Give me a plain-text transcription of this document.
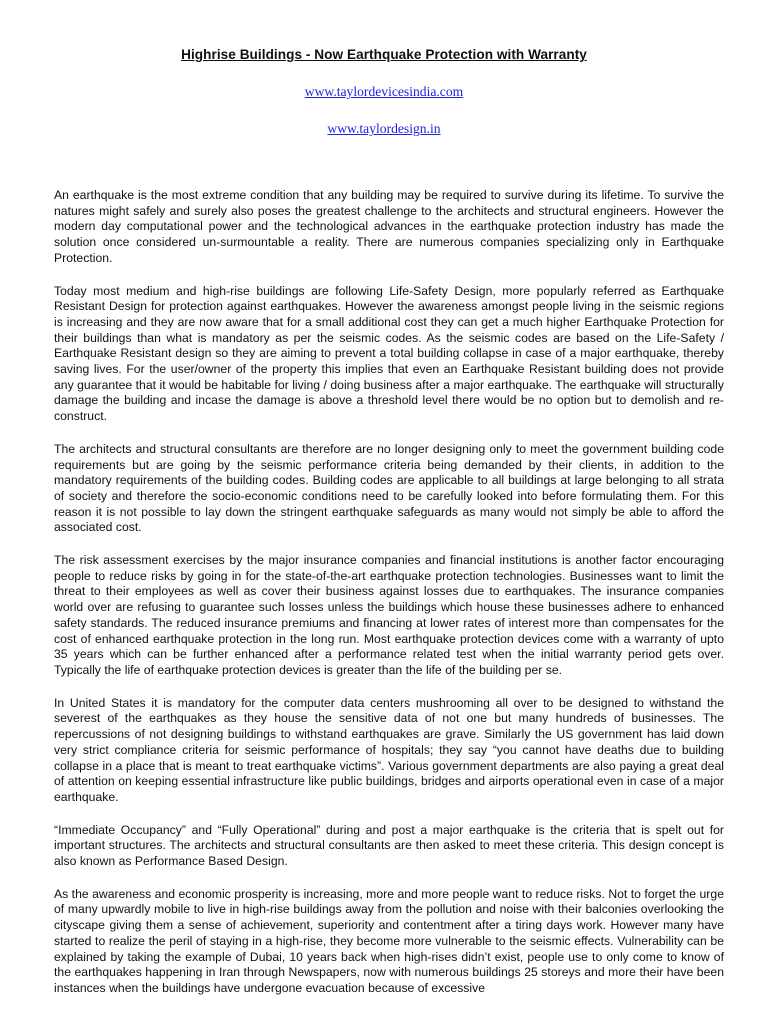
Highrise Buildings - Now Earthquake Protection with Warranty
www.taylordevicesindia.com
www.taylordesign.in

An earthquake is the most extreme condition that any building may be required to survive during its lifetime. To survive the natures might safely and surely also poses the greatest challenge to the architects and structural engineers. However the modern day computational power and the technological advances in the earthquake protection industry has made the solution once considered un-surmountable a reality. There are numerous companies specializing only in Earthquake Protection.

Today most medium and high-rise buildings are following Life-Safety Design, more popularly referred as Earthquake Resistant Design for protection against earthquakes. However the awareness amongst people living in the seismic regions is increasing and they are now aware that for a small additional cost they can get a much higher Earthquake Protection for their buildings than what is mandatory as per the seismic codes. As the seismic codes are based on the Life-Safety / Earthquake Resistant design so they are aiming to prevent a total building collapse in case of a major earthquake, thereby saving lives. For the user/owner of the property this implies that even an Earthquake Resistant building does not provide any guarantee that it would be habitable for living / doing business after a major earthquake. The earthquake will structurally damage the building and incase the damage is above a threshold level there would be no option but to demolish and re-construct.

The architects and structural consultants are therefore are no longer designing only to meet the government building code requirements but are going by the seismic performance criteria being demanded by their clients, in addition to the mandatory requirements of the building codes. Building codes are applicable to all buildings at large belonging to all strata of society and therefore the socio-economic conditions need to be carefully looked into before formulating them. For this reason it is not possible to lay down the stringent earthquake safeguards as many would not simply be able to afford the associated cost.

The risk assessment exercises by the major insurance companies and financial institutions is another factor encouraging people to reduce risks by going in for the state-of-the-art earthquake protection technologies. Businesses want to limit the threat to their employees as well as cover their business against losses due to earthquakes. The insurance companies world over are refusing to guarantee such losses unless the buildings which house these businesses adhere to enhanced safety standards. The reduced insurance premiums and financing at lower rates of interest more than compensates for the cost of enhanced earthquake protection in the long run. Most earthquake protection devices come with a warranty of upto 35 years which can be further enhanced after a performance related test when the initial warranty period gets over. Typically the life of earthquake protection devices is greater than the life of the building per se.

In United States it is mandatory for the computer data centers mushrooming all over to be designed to withstand the severest of the earthquakes as they house the sensitive data of not one but many hundreds of businesses. The repercussions of not designing buildings to withstand earthquakes are grave. Similarly the US government has laid down very strict compliance criteria for seismic performance of hospitals; they say “you cannot have deaths due to building collapse in a place that is meant to treat earthquake victims”. Various government departments are also paying a great deal of attention on keeping essential infrastructure like public buildings, bridges and airports operational even in case of a major earthquake.

“Immediate Occupancy” and “Fully Operational” during and post a major earthquake is the criteria that is spelt out for important structures. The architects and structural consultants are then asked to meet these criteria. This design concept is also known as Performance Based Design.

As the awareness and economic prosperity is increasing, more and more people want to reduce risks. Not to forget the urge of many upwardly mobile to live in high-rise buildings away from the pollution and noise with their balconies overlooking the cityscape giving them a sense of achievement, superiority and contentment after a tiring days work. However many have started to realize the peril of staying in a high-rise, they become more vulnerable to the seismic effects. Vulnerability can be explained by taking the example of Dubai, 10 years back when high-rises didn’t exist, people use to only come to know of the earthquakes happening in Iran through Newspapers, now with numerous buildings 25 storeys and more their have been instances when the buildings have undergone evacuation because of excessive
